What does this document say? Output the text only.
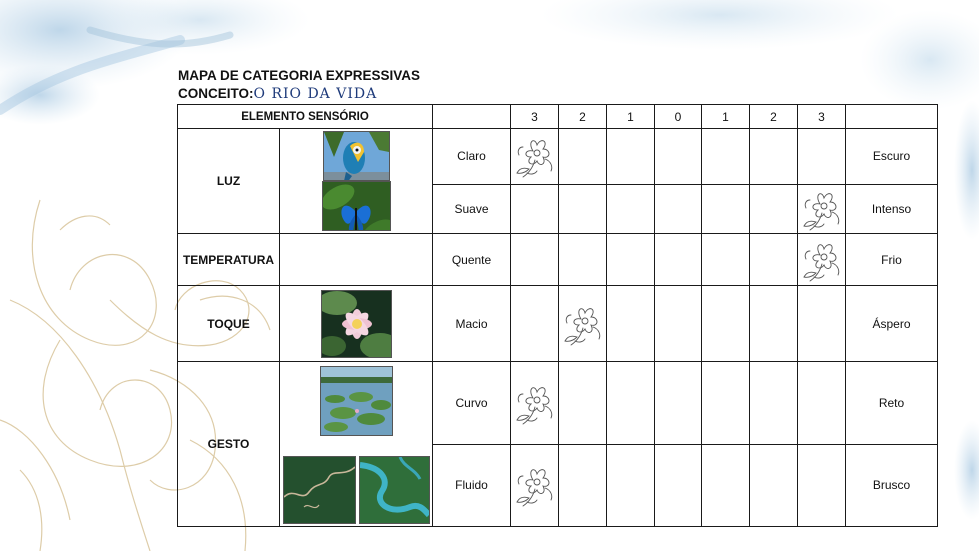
MAPA DE CATEGORIA EXPRESSIVAS
CONCEITO:O RIO DA VIDA
ELEMENTO SENSÓRIO			3	2	1	0	1	2	3	
LUZ		Claro								Escuro
		Suave								Intenso
TEMPERATURA		Quente								Frio
TOQUE		Macio								Áspero
GESTO		Curvo								Reto
		Fluido								Brusco
